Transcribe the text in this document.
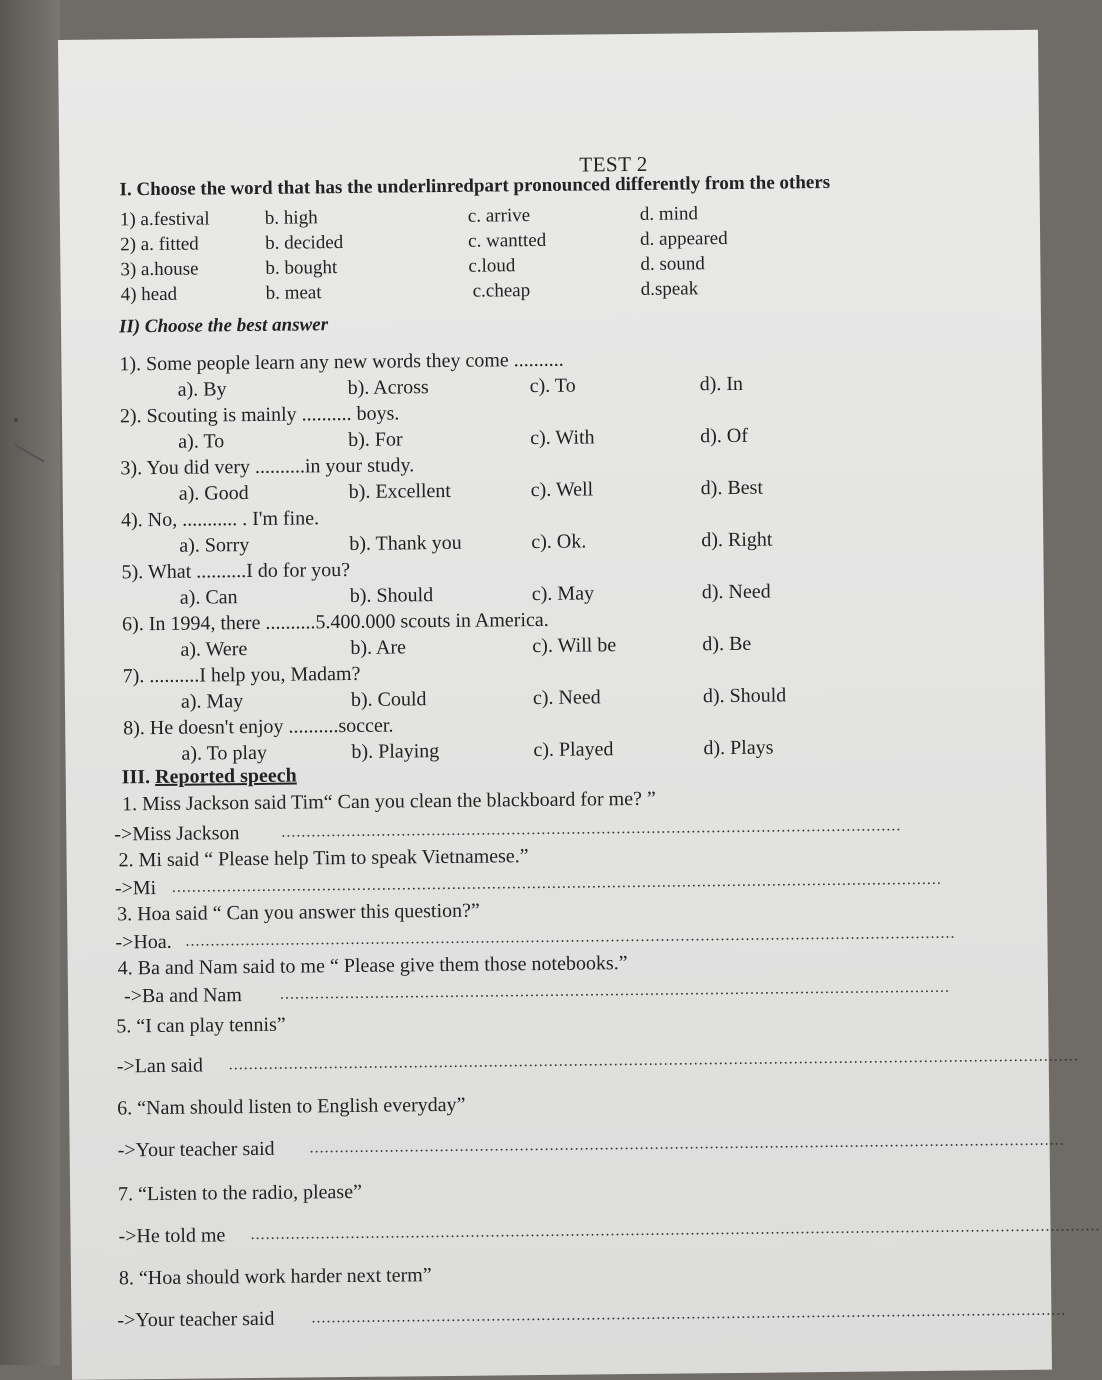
TEST 2
I. Choose the word that has the underlinredpart pronounced differently from the others
1) a.festival	b. high	c. arrive	d. mind
2) a. fitted	b. decided	c. wantted	d. appeared
3) a.house	b. bought	c.loud	d. sound
4) head	b. meat	c.cheap	d.speak
II) Choose the best answer
1). Some people learn any new words they come ..........
a). By	b). Across	c). To	d). In
2). Scouting is mainly .......... boys.
a). To	b). For	c). With	d). Of
3). You did very ..........in your study.
a). Good	b). Excellent	c). Well	d). Best
4). No, ........... . I'm fine.
a). Sorry	b). Thank you	c). Ok.	d). Right
5). What ..........I do for you?
a). Can	b). Should	c). May	d). Need
6). In 1994, there ..........5.400.000 scouts in America.
a). Were	b). Are	c). Will be	d). Be
7). ..........I help you, Madam?
a). May	b). Could	c). Need	d). Should
8). He doesn't enjoy ..........soccer.
a). To play	b). Playing	c). Played	d). Plays
III. Reported speech
1. Miss Jackson said Tim“ Can you clean the blackboard for me? ”
->Miss Jackson	............................................................................................................................
2. Mi said “ Please help Tim to speak Vietnamese.”
->Mi ..........................................................................................................................................................
3. Hoa said “ Can you answer this question?”
->Hoa. ..........................................................................................................................................................
4. Ba and Nam said to me “ Please give them those notebooks.”
->Ba and Nam ......................................................................................................................................
5. “I can play tennis”
->Lan said ..........................................................................................................................................................................
6. “Nam should listen to English everyday”
->Your teacher said .......................................................................................................................................................
7. “Listen to the radio, please”
->He told me ..........................................................................................................................................................................
8. “Hoa should work harder next term”
->Your teacher said .......................................................................................................................................................
